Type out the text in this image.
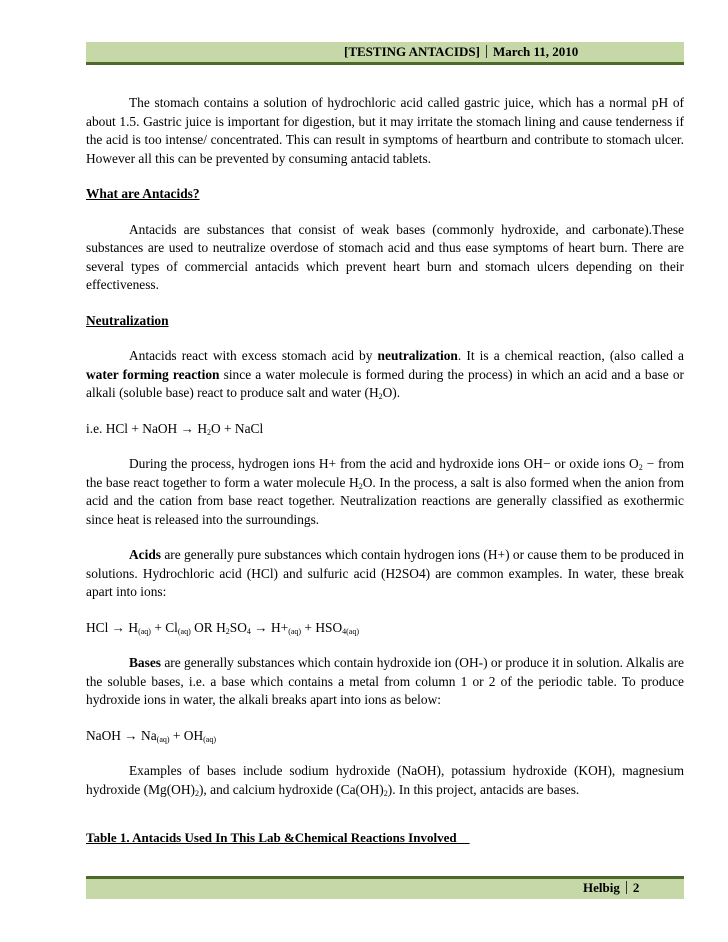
[TESTING ANTACIDS] March 11, 2010

The stomach contains a solution of hydrochloric acid called gastric juice, which has a normal pH of about 1.5. Gastric juice is important for digestion, but it may irritate the stomach lining and cause tenderness if the acid is too intense/ concentrated. This can result in symptoms of heartburn and contribute to stomach ulcer. However all this can be prevented by consuming antacid tablets.

What are Antacids?

Antacids are substances that consist of weak bases (commonly hydroxide, and carbonate).These substances are used to neutralize overdose of stomach acid and thus ease symptoms of heart burn. There are several types of commercial antacids which prevent heart burn and stomach ulcers depending on their effectiveness.

Neutralization

Antacids react with excess stomach acid by neutralization. It is a chemical reaction, (also called a water forming reaction since a water molecule is formed during the process) in which an acid and a base or alkali (soluble base) react to produce salt and water $(H_2O)$.

i.e. HCl + NaOH → $H_2O$ + NaCl

During the process, hydrogen ions H+ from the acid and hydroxide ions OH− or oxide ions $O_2$ − from the base react together to form a water molecule $H_2O$. In the process, a salt is also formed when the anion from acid and the cation from base react together. Neutralization reactions are generally classified as exothermic since heat is released into the surroundings.

Acids are generally pure substances which contain hydrogen ions (H+) or cause them to be produced in solutions. Hydrochloric acid (HCl) and sulfuric acid (H2SO4) are common examples. In water, these break apart into ions:

HCl → $H_{(aq)} + Cl_{(aq)}$ OR $H_2SO_4 \to H+_{(aq)} + HSO_{4(aq)}$

Bases are generally substances which contain hydroxide ion (OH-) or produce it in solution. Alkalis are the soluble bases, i.e. a base which contains a metal from column 1 or 2 of the periodic table. To produce hydroxide ions in water, the alkali breaks apart into ions as below:

NaOH → $Na_{(aq)} + OH_{(aq)}$

Examples of bases include sodium hydroxide (NaOH), potassium hydroxide (KOH), magnesium hydroxide $(Mg(OH)_2)$, and calcium hydroxide $(Ca(OH)_2)$. In this project, antacids are bases.

Table 1. Antacids Used In This Lab &Chemical Reactions Involved
Helbig 2
